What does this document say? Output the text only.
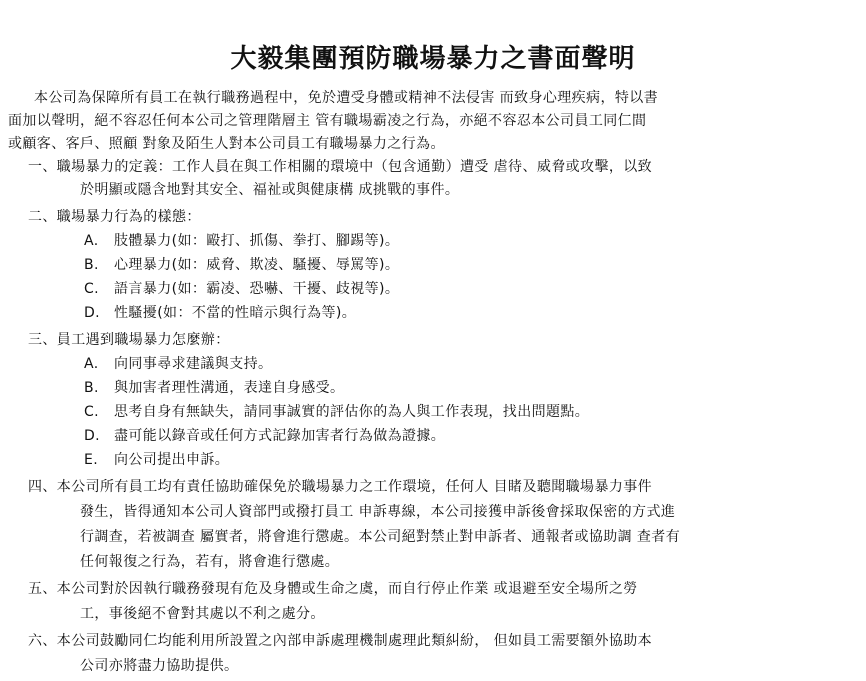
大毅集團預防職場暴力之書面聲明
本公司為保障所有員工在執行職務過程中，免於遭受身體或精神不法侵害 而致身心理疾病，特以書
面加以聲明，絕不容忍任何本公司之管理階層主 管有職場霸凌之行為，亦絕不容忍本公司員工同仁間
或顧客、客戶、照顧 對象及陌生人對本公司員工有職場暴力之行為。
一、職場暴力的定義：工作人員在與工作相關的環境中（包含通勤）遭受 虐待、威脅或攻擊，以致
於明顯或隱含地對其安全、福祉或與健康構 成挑戰的事件。
二、職場暴力行為的樣態：
A. 肢體暴力(如：毆打、抓傷、拳打、腳踢等)。
B. 心理暴力(如：威脅、欺凌、騷擾、辱罵等)。
C. 語言暴力(如：霸凌、恐嚇、干擾、歧視等)。
D. 性騷擾(如：不當的性暗示與行為等)。
三、員工遇到職場暴力怎麼辦：
A. 向同事尋求建議與支持。
B. 與加害者理性溝通，表達自身感受。
C. 思考自身有無缺失，請同事誠實的評估你的為人與工作表現，找出問題點。
D. 盡可能以錄音或任何方式記錄加害者行為做為證據。
E. 向公司提出申訴。
四、本公司所有員工均有責任協助確保免於職場暴力之工作環境，任何人 目睹及聽聞職場暴力事件
發生，皆得通知本公司人資部門或撥打員工 申訴專線，本公司接獲申訴後會採取保密的方式進
行調查，若被調查 屬實者，將會進行懲處。本公司絕對禁止對申訴者、通報者或協助調 查者有
任何報復之行為，若有，將會進行懲處。
五、本公司對於因執行職務發現有危及身體或生命之虞，而自行停止作業 或退避至安全場所之勞
工，事後絕不會對其處以不利之處分。
六、本公司鼓勵同仁均能利用所設置之內部申訴處理機制處理此類糾紛， 但如員工需要額外協助本
公司亦將盡力協助提供。
